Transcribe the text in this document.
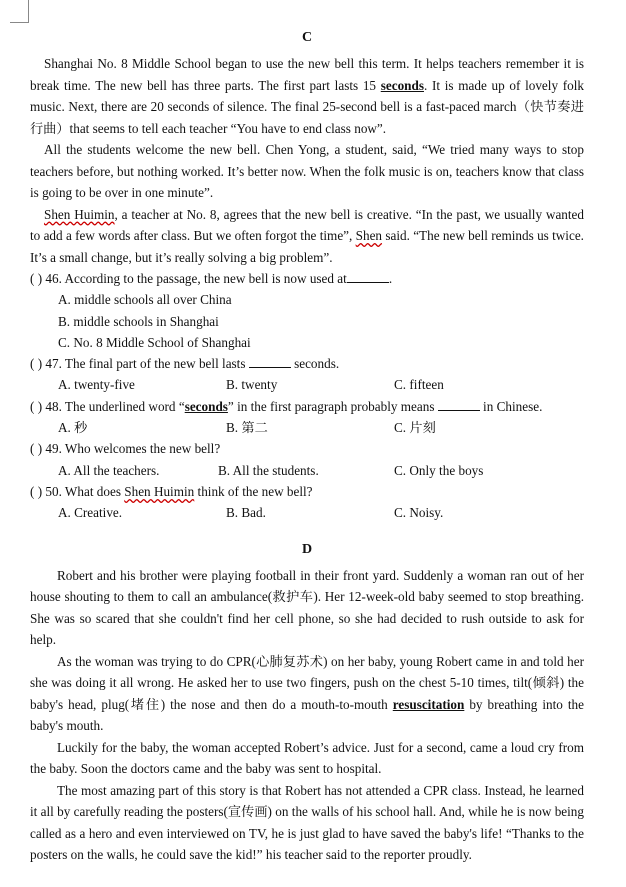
C

Shanghai No. 8 Middle School began to use the new bell this term. It helps teachers remember it is break time. The new bell has three parts. The first part lasts 15 seconds. It is made up of lovely folk music. Next, there are 20 seconds of silence. The final 25-second bell is a fast-paced march（快节奏进行曲）that seems to tell each teacher “You have to end class now”.

All the students welcome the new bell. Chen Yong, a student, said, “We tried many ways to stop teachers before, but nothing worked. It’s better now. When the folk music is on, teachers know that class is going to be over in one minute”.

Shen Huimin, a teacher at No. 8, agrees that the new bell is creative. “In the past, we usually wanted to add a few words after class. But we often forgot the time”, Shen said. “The new bell reminds us twice. It’s a small change, but it’s really solving a big problem”.

( ) 46. According to the passage, the new bell is now used at	.
A. middle schools all over China
B. middle schools in Shanghai
C. No. 8 Middle School of Shanghai
( ) 47. The final part of the new bell lasts	seconds.
A. twenty-five	B. twenty	C. fifteen
( ) 48. The underlined word “seconds” in the first paragraph probably means	in Chinese.
A. 秒	B. 第二	C. 片刻
( ) 49. Who welcomes the new bell?
A. All the teachers.	B. All the students.	C. Only the boys
( ) 50. What does Shen Huimin think of the new bell?
A. Creative.	B. Bad.	C. Noisy.
D

Robert and his brother were playing football in their front yard. Suddenly a woman ran out of her house shouting to them to call an ambulance(救护车). Her 12-week-old baby seemed to stop breathing. She was so scared that she couldn't find her cell phone, so she had decided to rush outside to ask for help.

As the woman was trying to do CPR(心肺复苏术) on her baby, young Robert came in and told her she was doing it all wrong. He asked her to use two fingers, push on the chest 5-10 times, tilt(倾斜) the baby's head, plug(堵住) the nose and then do a mouth-to-mouth resuscitation by breathing into the baby's mouth.

Luckily for the baby, the woman accepted Robert’s advice. Just for a second, came a loud cry from the baby. Soon the doctors came and the baby was sent to hospital.

The most amazing part of this story is that Robert has not attended a CPR class. Instead, he learned it all by carefully reading the posters(宣传画) on the walls of his school hall. And, while he is now being called as a hero and even interviewed on TV, he is just glad to have saved the baby's life! “Thanks to the posters on the walls, he could save the kid!” his teacher said to the reporter proudly.
